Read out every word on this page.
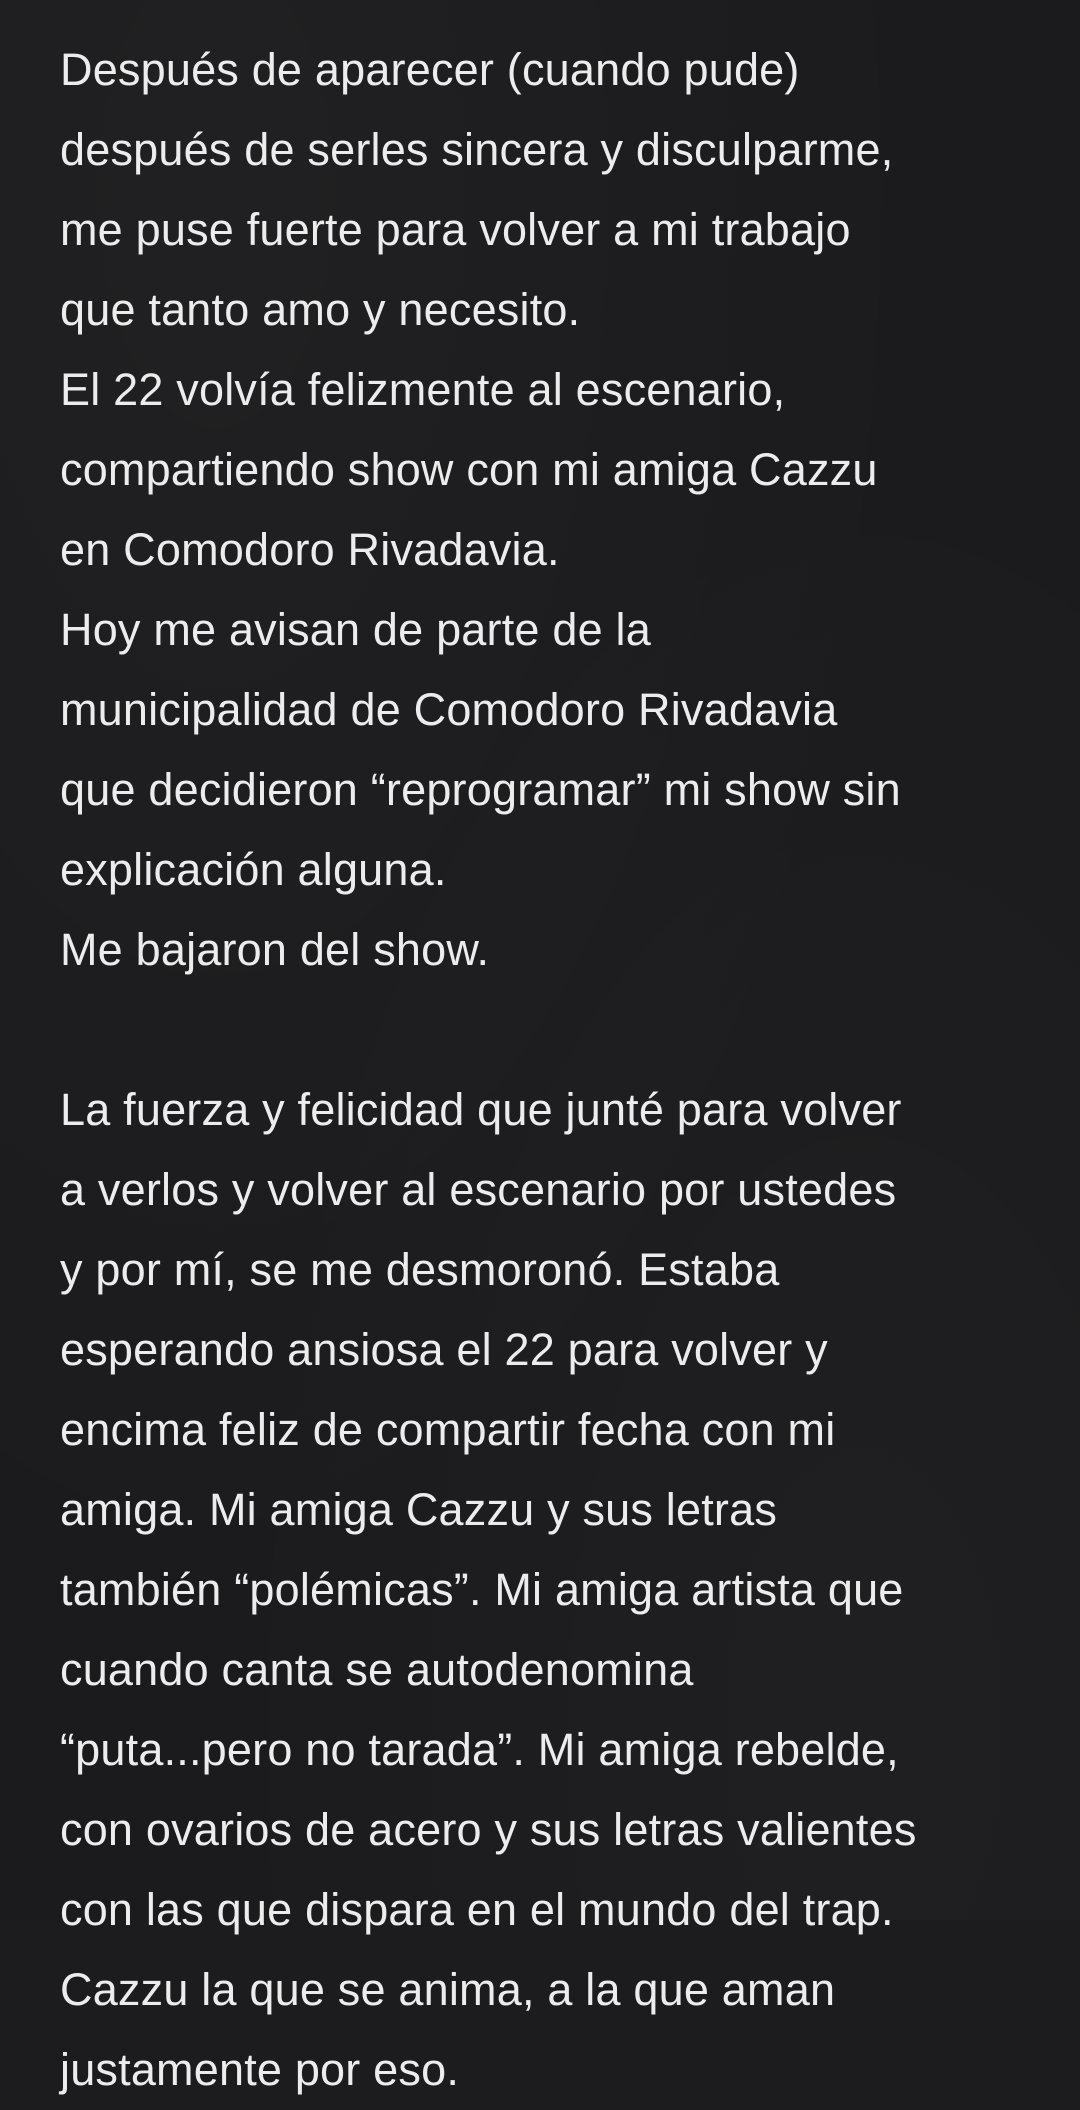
Después de aparecer (cuando pude)
después de serles sincera y disculparme,
me puse fuerte para volver a mi trabajo
que tanto amo y necesito.
El 22 volvía felizmente al escenario,
compartiendo show con mi amiga Cazzu
en Comodoro Rivadavia.
Hoy me avisan de parte de la
municipalidad de Comodoro Rivadavia
que decidieron “reprogramar” mi show sin
explicación alguna.
Me bajaron del show.
La fuerza y felicidad que junté para volver
a verlos y volver al escenario por ustedes
y por mí, se me desmoronó. Estaba
esperando ansiosa el 22 para volver y
encima feliz de compartir fecha con mi
amiga. Mi amiga Cazzu y sus letras
también “polémicas”. Mi amiga artista que
cuando canta se autodenomina
“puta...pero no tarada”. Mi amiga rebelde,
con ovarios de acero y sus letras valientes
con las que dispara en el mundo del trap.
Cazzu la que se anima, a la que aman
justamente por eso.
